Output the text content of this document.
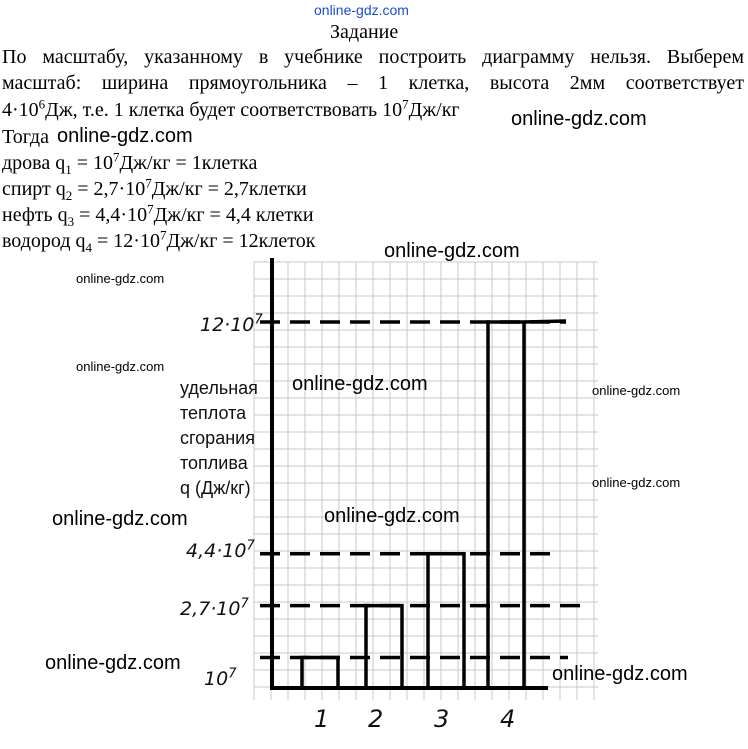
online-gdz.com
Задание
По масштабу, указанному в учебнике построить диаграмму нельзя. Выберем
масштаб: ширина прямоугольника – 1 клетка, высота 2мм соответствует
$4\cdot 10^6Дж$, т.е. 1 клетка будет соответствовать $10^7Дж/кг$
Тогда
дрова $q_1 = 10^7Дж/кг$ = 1клетка
спирт $q_2 = 2,7\cdot 10^7Дж/кг$ = 2,7клетки
нефть $q_3 = 4,4\cdot 10^7Дж/кг = 4,4$ клетки
водород $q_4 = 12\cdot 10^7Дж/кг$ = 12клеток
удельная
теплота
сгорания
топлива
q (Дж/кг)
$10^7$
$2,7\cdot 10^7$
$4,4\cdot 10^7$
$12\cdot 10^7$
1 2 3 4
online-gdz.com
online-gdz.com
online-gdz.com
online-gdz.com
online-gdz.com
online-gdz.com	online-gdz.com
online-gdz.com
online-gdz.com	online-gdz.com
online-gdz.com	online-gdz.com
